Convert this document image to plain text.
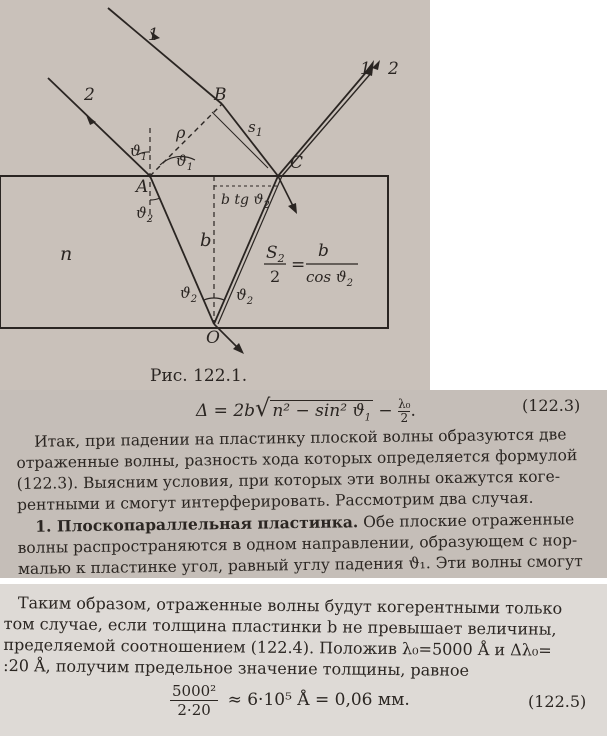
1
2
1 2
B
A
C
O
n
b
ρ	$s_1$
b tg $ϑ_2$
$ϑ_1$ $ϑ_1$
$ϑ_2$
$ϑ_2$	$ϑ_2$
$S_2$
2
=
b
$\cos ϑ_2$
Рис. 122.1.
Δ = 2b√ n² − sin² $ϑ_1 - \frac{\text{λ₀}}{2}$ .	(122.3)
Итак, при падении на пластинку плоской волны образуются две
отраженные волны, разность хода которых определяется формулой
(122.3). Выясним условия, при которых эти волны окажутся коге-
рентными и смогут интерферировать. Рассмотрим два случая.
1. Плоскопараллельная пластинка. Обе плоские отраженные
волны распространяются в одном направлении, образующем с нор-
малью к пластинке угол, равный углу падения ϑ₁. Эти волны смогут
Таким образом, отраженные волны будут когерентными только
том случае, если толщина пластинки b не превышает величины,
пределяемой соотношением (122.4). Положив λ₀=5000 Å и Δλ₀=
:20 Å, получим предельное значение толщины, равное
$\frac{\text{5000²}}{2\cdot 20} \approx 6\cdot 10^5$ Å = 0,06 мм.	(122.5)
